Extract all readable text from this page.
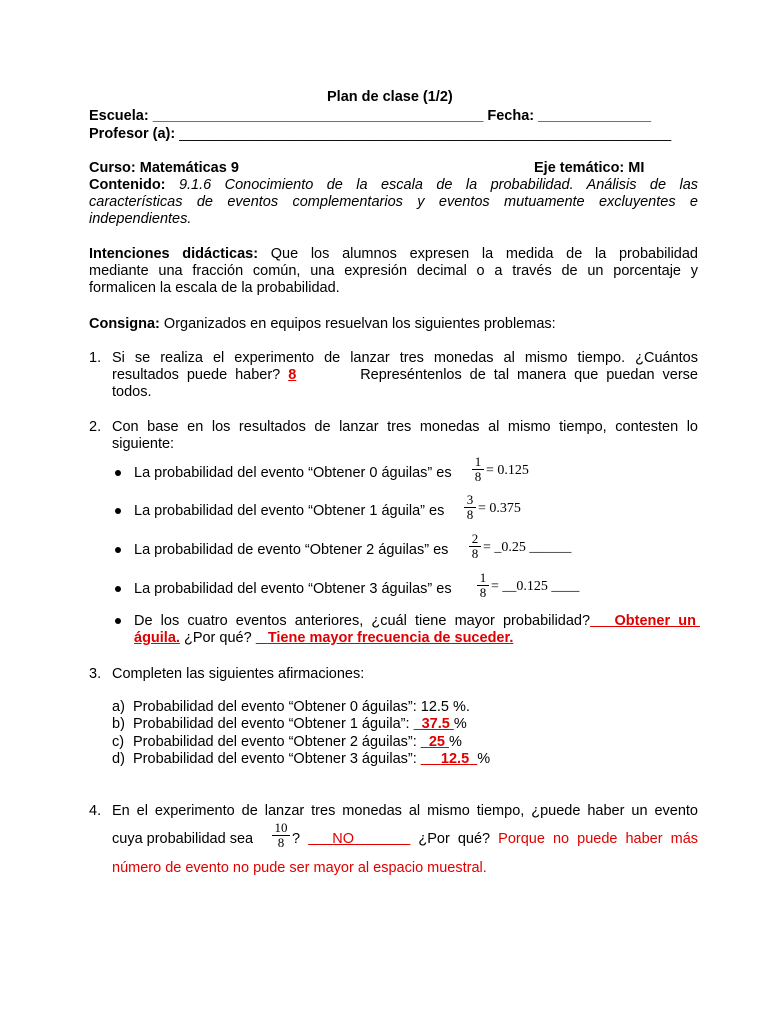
Plan de clase (1/2)
Escuela: _________________________________________ Fecha: ______________
Profesor (a): _____________________________________________________________
Curso: Matemáticas 9	Eje temático: MI
Contenido: 9.1.6 Conocimiento de la escala de la probabilidad. Análisis de las
características de eventos complementarios y eventos mutuamente excluyentes e
independientes.
Intenciones didácticas: Que los alumnos expresen la medida de la probabilidad
mediante una fracción común, una expresión decimal o a través de un porcentaje y
formalicen la escala de la probabilidad.
Consigna: Organizados en equipos resuelvan los siguientes problemas:
1. Si se realiza el experimento de lanzar tres monedas al mismo tiempo. ¿Cuántos
resultados puede haber? 8	Represéntenlos de tal manera que puedan verse
todos.
2. Con base en los resultados de lanzar tres monedas al mismo tiempo, contesten lo
siguiente:
La probabilidad del evento “Obtener 0 águilas” es
1
8 = 0.125
La probabilidad del evento “Obtener 1 águila” es
3
8 = 0.375
La probabilidad de evento “Obtener 2 águilas” es
2
8 = _0.25 ______
La probabilidad del evento “Obtener 3 águilas” es
1
8 = __0.125 ____
De los cuatro eventos anteriores, ¿cuál tiene mayor probabilidad? Obtener un
águila. ¿Por qué? Tiene mayor frecuencia de suceder.
3. Completen las siguientes afirmaciones:
a) Probabilidad del evento “Obtener 0 águilas”: 12.5 %.
b) Probabilidad del evento “Obtener 1 águila”: 37.5 %
c) Probabilidad del evento “Obtener 2 águilas”: 25 %
d) Probabilidad del evento “Obtener 3 águilas”: 12.5 %
4. En el experimento de lanzar tres monedas al mismo tiempo, ¿puede haber un evento
cuya probabilidad sea
10
8 ? NO	¿Por qué? Porque no puede haber más
número de evento no pude ser mayor al espacio muestral.
